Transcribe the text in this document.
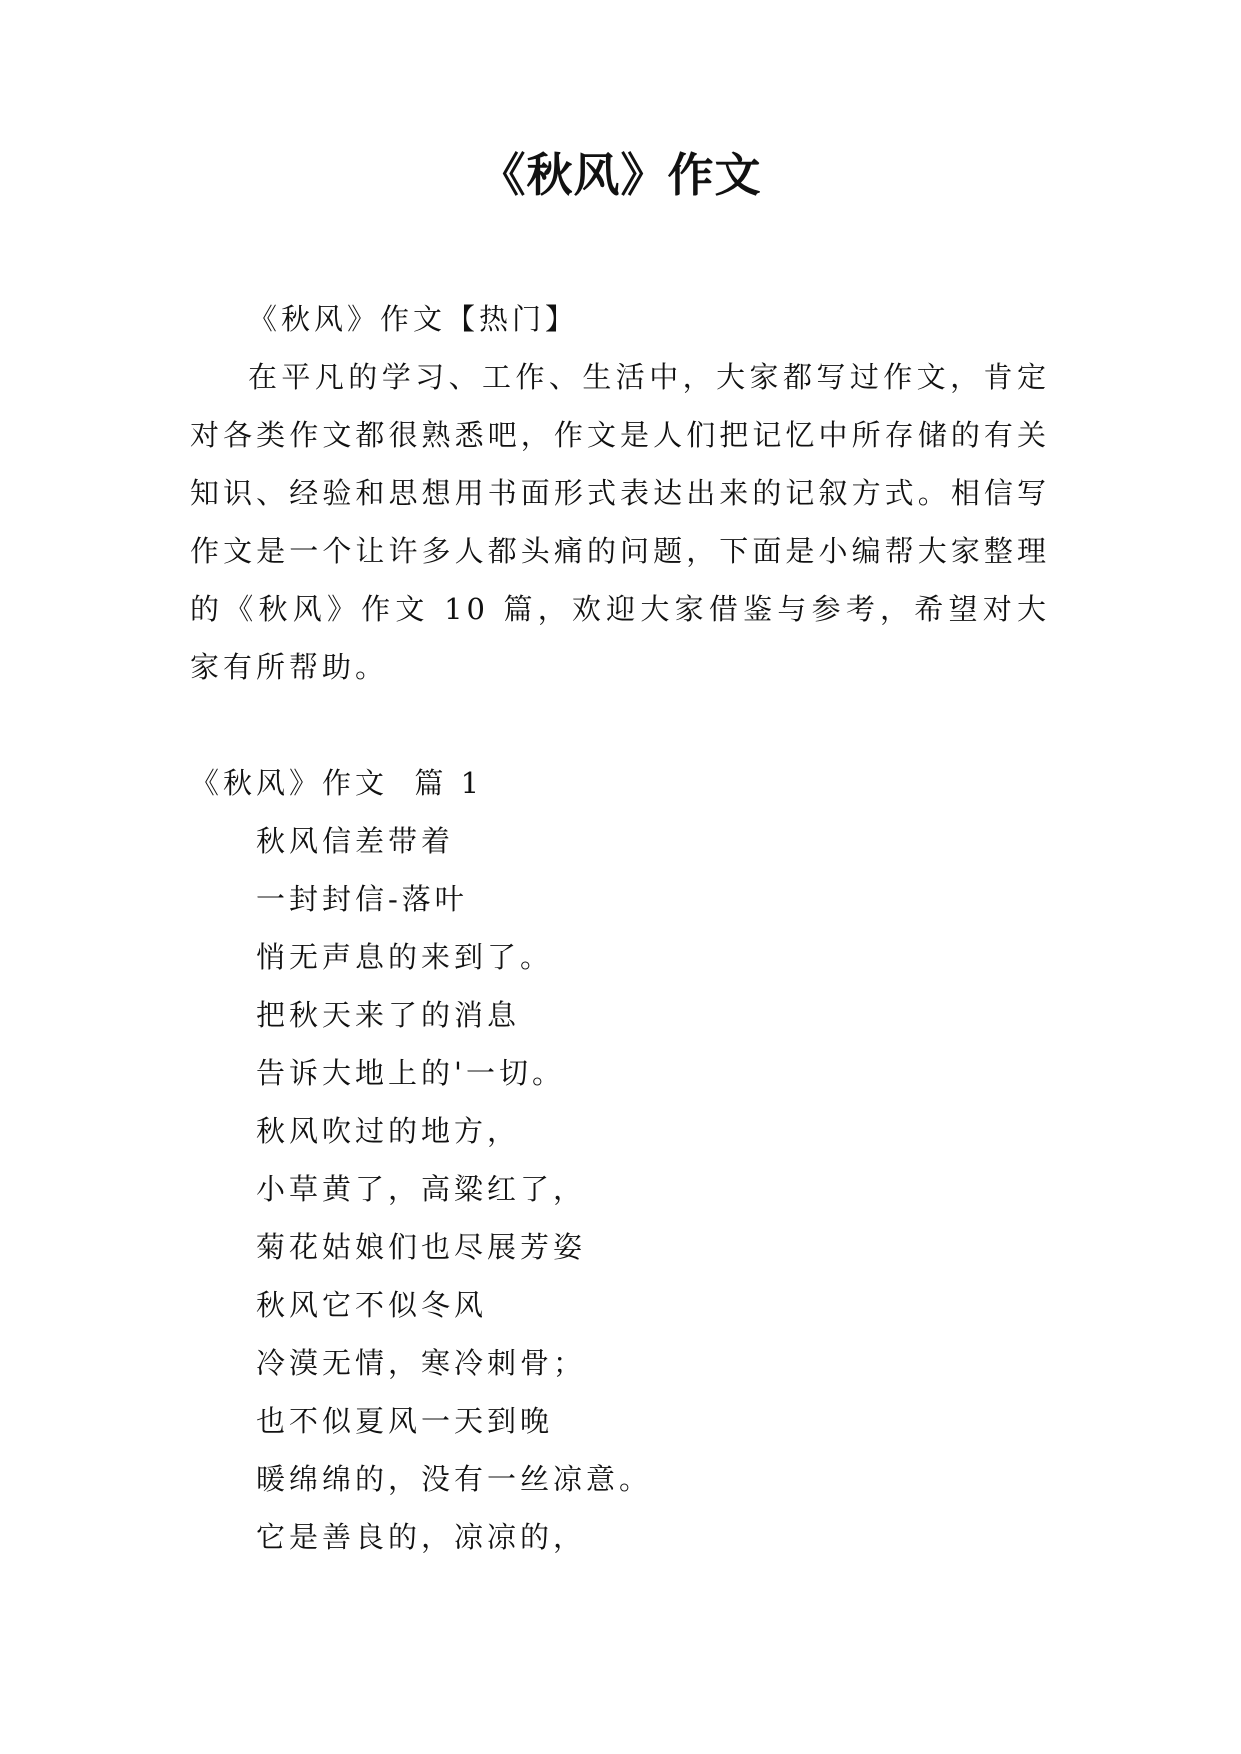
《秋风》作文

《秋风》作文【热门】

在平凡的学习、工作、生活中，大家都写过作文，肯定对各类作文都很熟悉吧，作文是人们把记忆中所存储的有关知识、经验和思想用书面形式表达出来的记叙方式。相信写作文是一个让许多人都头痛的问题，下面是小编帮大家整理的《秋风》作文 10 篇，欢迎大家借鉴与参考，希望对大家有所帮助。

《秋风》作文  篇 1

秋风信差带着

一封封信-落叶

悄无声息的来到了。

把秋天来了的消息

告诉大地上的'一切。

秋风吹过的地方，

小草黄了，高粱红了，

菊花姑娘们也尽展芳姿

秋风它不似冬风

冷漠无情，寒冷刺骨；

也不似夏风一天到晚

暖绵绵的，没有一丝凉意。

它是善良的，凉凉的，
